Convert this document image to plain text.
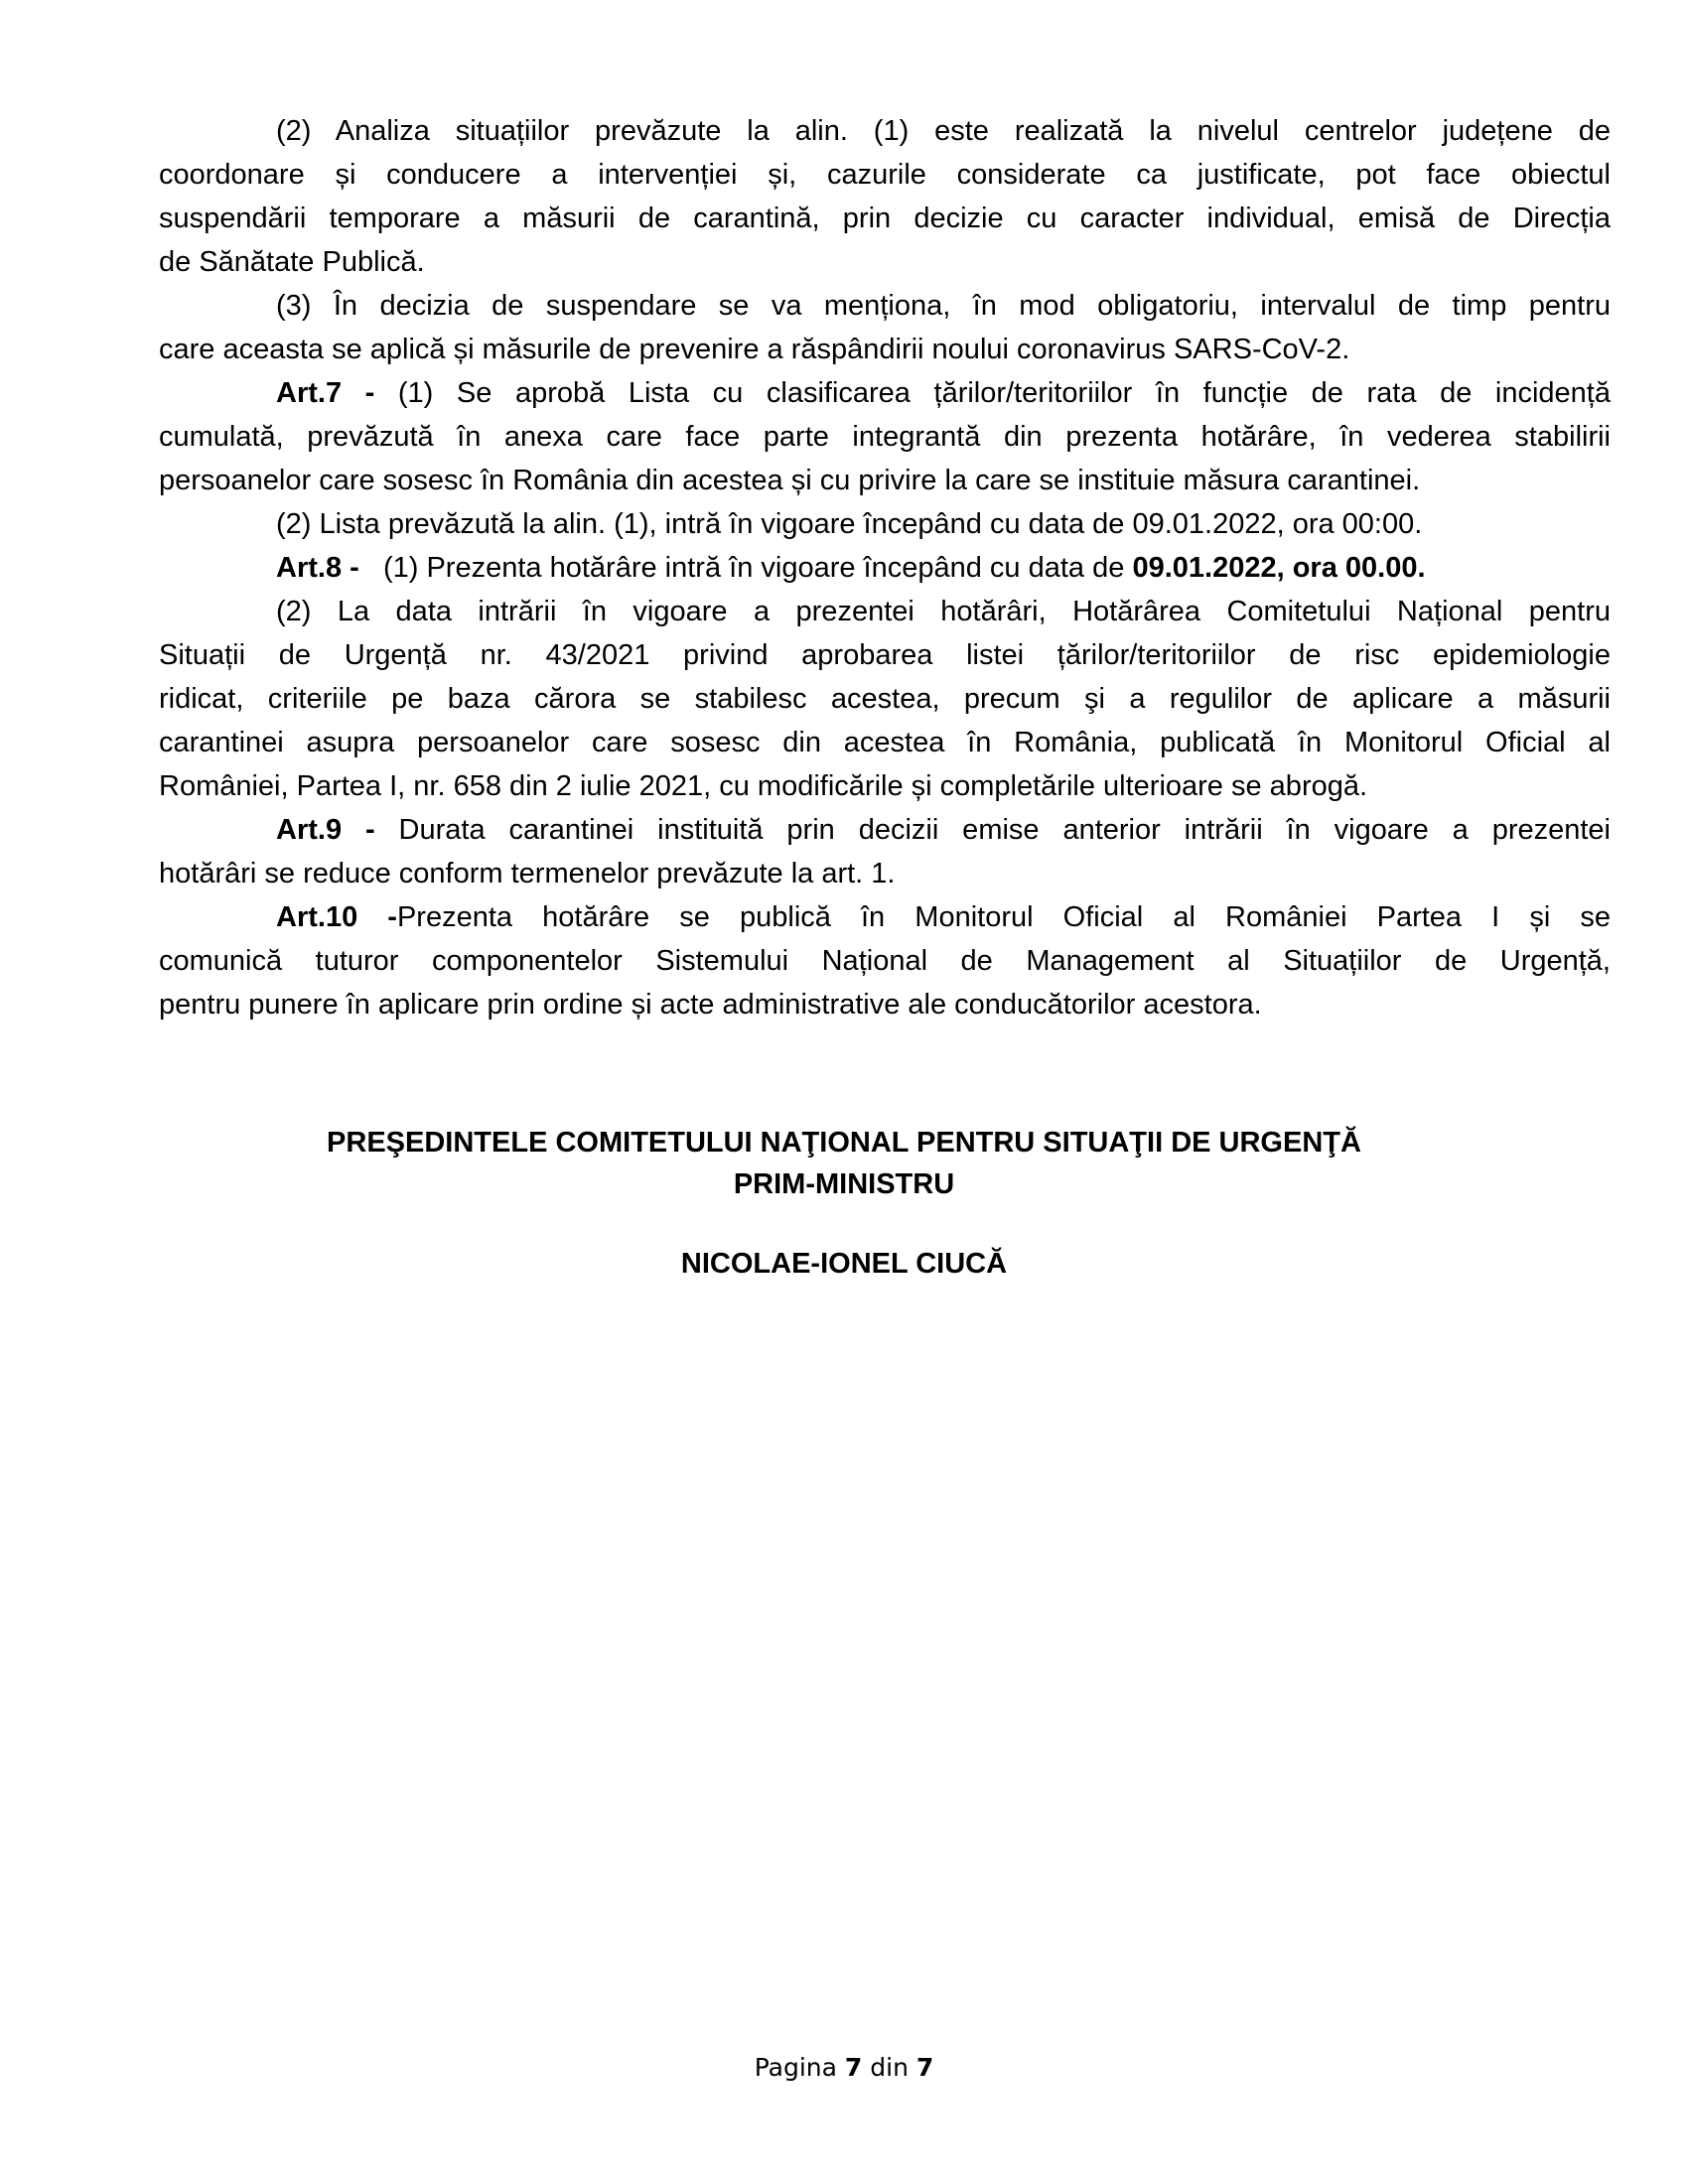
(2) Analiza situațiilor prevăzute la alin. (1) este realizată la nivelul centrelor județene de
coordonare și conducere a intervenției și, cazurile considerate ca justificate, pot face obiectul
suspendării temporare a măsurii de carantină, prin decizie cu caracter individual, emisă de Direcția
de Sănătate Publică.
(3) În decizia de suspendare se va menționa, în mod obligatoriu, intervalul de timp pentru
care aceasta se aplică și măsurile de prevenire a răspândirii noului coronavirus SARS-CoV-2.
Art.7 - (1) Se aprobă Lista cu clasificarea țărilor/teritoriilor în funcție de rata de incidență
cumulată, prevăzută în anexa care face parte integrantă din prezenta hotărâre, în vederea stabilirii
persoanelor care sosesc în România din acestea și cu privire la care se instituie măsura carantinei.
(2) Lista prevăzută la alin. (1), intră în vigoare începând cu data de 09.01.2022, ora 00:00.
Art.8 -   (1) Prezenta hotărâre intră în vigoare începând cu data de 09.01.2022, ora 00.00.
(2) La data intrării în vigoare a prezentei hotărâri, Hotărârea Comitetului Național pentru
Situații de Urgență nr. 43/2021 privind aprobarea listei țărilor/teritoriilor de risc epidemiologie
ridicat, criteriile pe baza cărora se stabilesc acestea, precum şi a regulilor de aplicare a măsurii
carantinei asupra persoanelor care sosesc din acestea în România, publicată în Monitorul Oficial al
României, Partea I, nr. 658 din 2 iulie 2021, cu modificările și completările ulterioare se abrogă.
Art.9 - Durata carantinei instituită prin decizii emise anterior intrării în vigoare a prezentei
hotărâri se reduce conform termenelor prevăzute la art. 1.
Art.10 -Prezenta hotărâre se publică în Monitorul Oficial al României Partea I și se
comunică tuturor componentelor Sistemului Național de Management al Situațiilor de Urgență,
pentru punere în aplicare prin ordine și acte administrative ale conducătorilor acestora.
PREŞEDINTELE COMITETULUI NAŢIONAL PENTRU SITUAŢII DE URGENŢĂ
PRIM-MINISTRU
NICOLAE-IONEL CIUCĂ
Pagina 7 din 7
